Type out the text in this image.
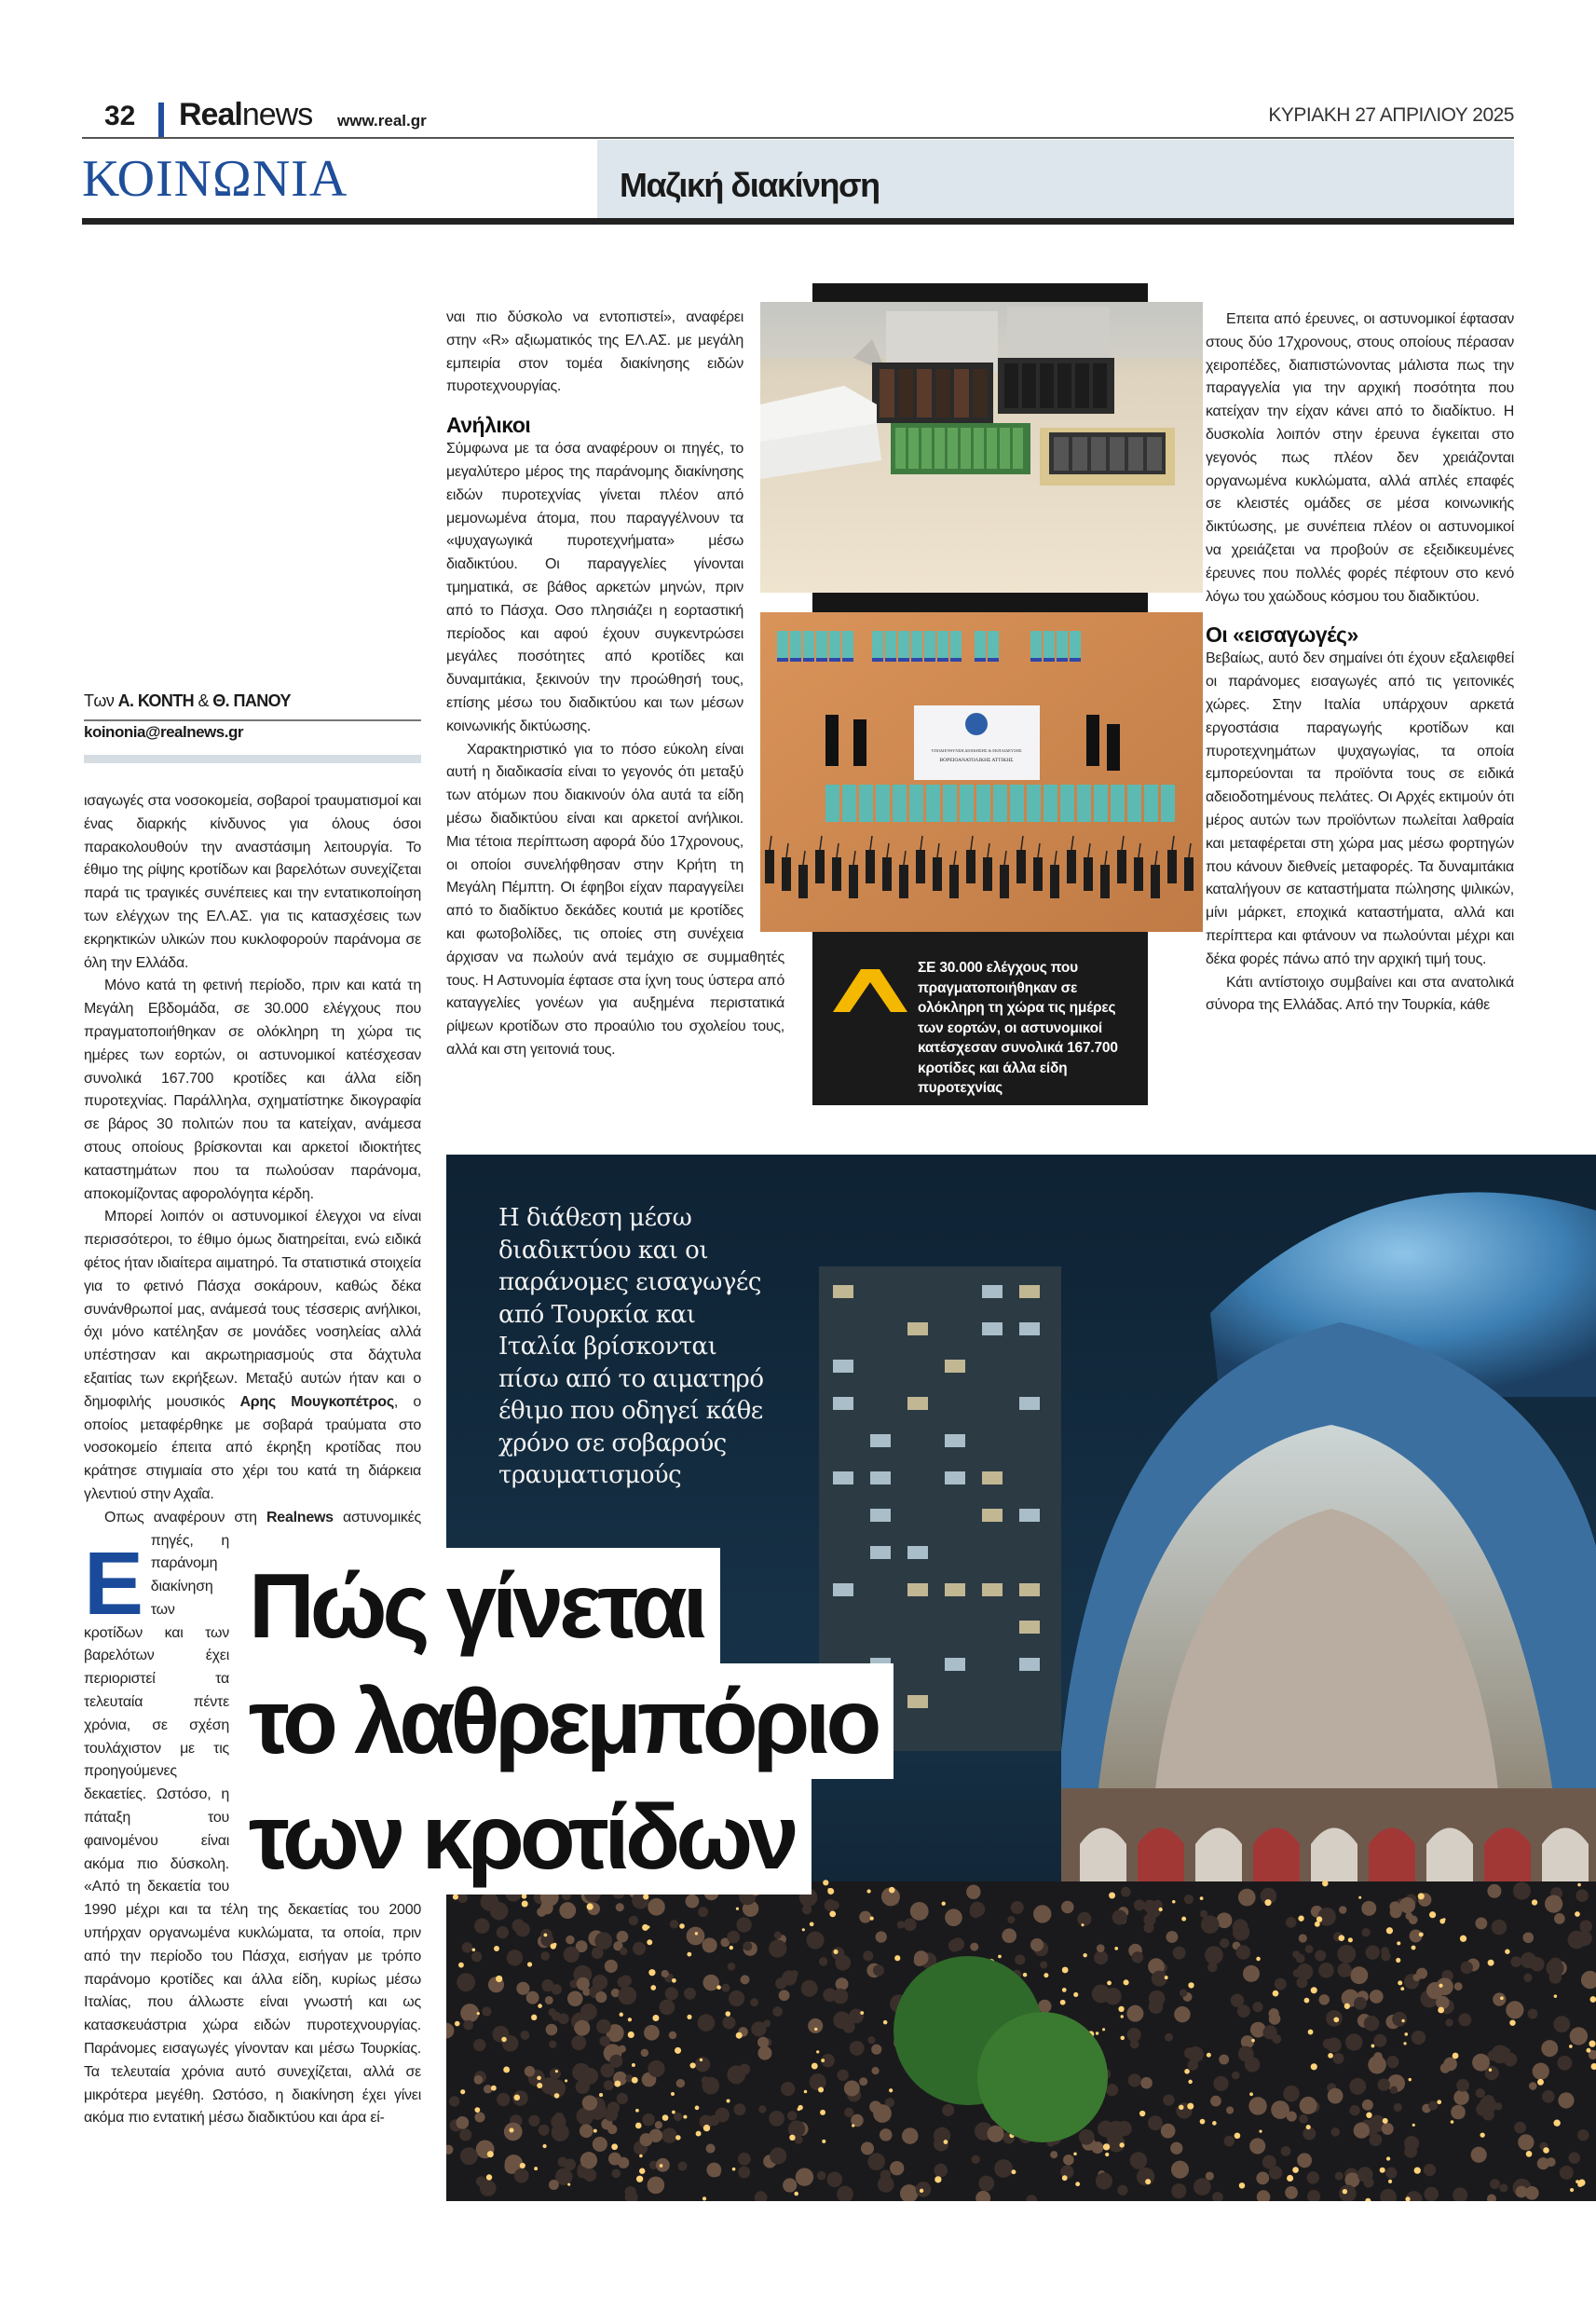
32 Realnews www.real.gr	ΚΥΡΙΑΚΗ 27 ΑΠΡΙΛΙΟΥ 2025
ΚΟΙΝΩΝΙΑ	Μαζική διακίνηση
Των Α. ΚΟΝΤΗ & Θ. ΠΑΝΟΥ
koinonia@realnews.gr

Ε
ισαγωγές στα νοσοκομεία, σοβαροί τραυματισμοί και ένας διαρκής κίνδυνος για όλους όσοι παρακολουθούν την αναστάσιμη λειτουργία. Το έθιμο της ρίψης κροτίδων και βαρελότων συνεχίζεται παρά τις τραγικές συνέπειες και την εντατικοποίηση των ελέγχων της ΕΛ.ΑΣ. για τις κατασχέσεις των εκρηκτικών υλικών που κυκλοφορούν παράνομα σε όλη την Ελλάδα.

Μόνο κατά τη φετινή περίοδο, πριν και κατά τη Μεγάλη Εβδομάδα, σε 30.000 ελέγχους που πραγματοποιήθηκαν σε ολόκληρη τη χώρα τις ημέρες των εορτών, οι αστυνομικοί κατέσχεσαν συνολικά 167.700 κροτίδες και άλλα είδη πυροτεχνίας. Παράλληλα, σχηματίστηκε δικογραφία σε βάρος 30 πολιτών που τα κατείχαν, ανάμεσα στους οποίους βρίσκονται και αρκετοί ιδιοκτήτες καταστημάτων που τα πωλούσαν παράνομα, αποκομίζοντας αφορολόγητα κέρδη.

Μπορεί λοιπόν οι αστυνομικοί έλεγχοι να είναι περισσότεροι, το έθιμο όμως διατηρείται, ενώ ειδικά φέτος ήταν ιδιαίτερα αιματηρό. Τα στατιστικά στοιχεία για το φετινό Πάσχα σοκάρουν, καθώς δέκα συνάνθρωποί μας, ανάμεσά τους τέσσερις ανήλικοι, όχι μόνο κατέληξαν σε μονάδες νοσηλείας αλλά υπέστησαν και ακρωτηριασμούς στα δάχτυλα εξαιτίας των εκρήξεων. Μεταξύ αυτών ήταν και ο δημοφιλής μουσικός Αρης Μουγκοπέτρος, ο οποίος μεταφέρθηκε με σοβαρά τραύματα στο νοσοκομείο έπειτα από έκρηξη κροτίδας που κράτησε στιγμιαία στο χέρι του κατά τη διάρκεια γλεντιού στην Αχαΐα.

Οπως αναφέρουν στη Realnews αστυνομικές πηγές, η παράνομη διακίνηση των κροτίδων και των βαρελότων έχει περιοριστεί τα τελευταία πέντε χρόνια, σε σχέση τουλάχιστον με τις προηγούμενες δεκαετίες. Ωστόσο, η πάταξη του φαινομένου είναι ακόμα πιο δύσκολη. «Από τη δεκαετία του 1990 μέχρι και τα τέλη της δεκαετίας του 2000 υπήρχαν οργανωμένα κυκλώματα, τα οποία, πριν από την περίοδο του Πάσχα, εισήγαν με τρόπο παράνομο κροτίδες και άλλα είδη, κυρίως μέσω Ιταλίας, που άλλωστε είναι γνωστή και ως κατασκευάστρια χώρα ειδών πυροτεχνουργίας. Παράνομες εισαγωγές γίνονταν και μέσω Τουρκίας. Τα τελευταία χρόνια αυτό συνεχίζεται, αλλά σε μικρότερα μεγέθη. Ωστόσο, η διακίνηση έχει γίνει ακόμα πιο εντατική μέσω διαδικτύου και άρα εί-

ναι πιο δύσκολο να εντοπιστεί», αναφέρει στην «R» αξιωματικός της ΕΛ.ΑΣ. με μεγάλη εμπειρία στον τομέα διακίνησης ειδών πυροτεχνουργίας.

Ανήλικοι

Σύμφωνα με τα όσα αναφέρουν οι πηγές, το μεγαλύτερο μέρος της παράνομης διακίνησης ειδών πυροτεχνίας γίνεται πλέον από μεμονωμένα άτομα, που παραγγέλνουν τα «ψυχαγωγικά πυροτεχνήματα» μέσω διαδικτύου. Οι παραγγελίες γίνονται τμηματικά, σε βάθος αρκετών μηνών, πριν από το Πάσχα. Οσο πλησιάζει η εορταστική περίοδος και αφού έχουν συγκεντρώσει μεγάλες ποσότητες από κροτίδες και δυναμιτάκια, ξεκινούν την προώθησή τους, επίσης μέσω του διαδικτύου και των μέσων κοινωνικής δικτύωσης.

Χαρακτηριστικό για το πόσο εύκολη είναι αυτή η διαδικασία είναι το γεγονός ότι μεταξύ των ατόμων που διακινούν όλα αυτά τα είδη μέσω διαδικτύου είναι και αρκετοί ανήλικοι. Μια τέτοια περίπτωση αφορά δύο 17χρονους, οι οποίοι συνελήφθησαν στην Κρήτη τη Μεγάλη Πέμπτη. Οι έφηβοι είχαν παραγγείλει από το διαδίκτυο δεκάδες κουτιά με κροτίδες και φωτοβολίδες, τις οποίες στη συνέχεια άρχισαν να πωλούν ανά τεμάχιο σε συμμαθητές τους. Η Αστυνομία έφτασε στα ίχνη τους ύστερα από καταγγελίες γονέων για αυξημένα περιστατικά ρίψεων κροτίδων στο προαύλιο του σχολείου τους, αλλά και στη γειτονιά τους.

Επειτα από έρευνες, οι αστυνομικοί έφτασαν στους δύο 17χρονους, στους οποίους πέρασαν χειροπέδες, διαπιστώνοντας μάλιστα πως την παραγγελία για την αρχική ποσότητα που κατείχαν την είχαν κάνει από το διαδίκτυο. Η δυσκολία λοιπόν στην έρευνα έγκειται στο γεγονός πως πλέον δεν χρειάζονται οργανωμένα κυκλώματα, αλλά απλές επαφές σε κλειστές ομάδες σε μέσα κοινωνικής δικτύωσης, με συνέπεια πλέον οι αστυνομικοί να χρειάζεται να προβούν σε εξειδικευμένες έρευνες που πολλές φορές πέφτουν στο κενό λόγω του χαώδους κόσμου του διαδικτύου.

Οι «εισαγωγές»

Βεβαίως, αυτό δεν σημαίνει ότι έχουν εξαλειφθεί οι παράνομες εισαγωγές από τις γειτονικές χώρες. Στην Ιταλία υπάρχουν αρκετά εργοστάσια παραγωγής κροτίδων και πυροτεχνημάτων ψυχαγωγίας, τα οποία εμπορεύονται τα προϊόντα τους σε ειδικά αδειοδοτημένους πελάτες. Οι Αρχές εκτιμούν ότι μέρος αυτών των προϊόντων πωλείται λαθραία και μεταφέρεται στη χώρα μας μέσω φορτηγών που κάνουν διεθνείς μεταφορές. Τα δυναμιτάκια καταλήγουν σε καταστήματα πώλησης ψιλικών, μίνι μάρκετ, εποχικά καταστήματα, αλλά και περίπτερα και φτάνουν να πωλούνται μέχρι και δέκα φορές πάνω από την αρχική τιμή τους.

Κάτι αντίστοιχο συμβαίνει και στα ανατολικά σύνορα της Ελλάδας. Από την Τουρκία, κάθε

ΥΠΟΔΙΕΥΘΥΝΣΗ ΔΙΟΙΚΗΣΗΣ & ΕΚΠΑΙΔΕΥΣΗΣ
ΒΟΡΕΙΟΑΝΑΤΟΛΙΚΗΣ ΑΤΤΙΚΗΣ
ΣΕ 30.000 ελέγχους που πραγματοποιήθηκαν σε ολόκληρη τη χώρα τις ημέρες των εορτών, οι αστυνομικοί κατέσχεσαν συνολικά 167.700 κροτίδες και άλλα είδη πυροτεχνίας
Η διάθεση μέσω
διαδικτύου και οι
παράνομες εισαγωγές
από Τουρκία και
Ιταλία βρίσκονται
πίσω από το αιματηρό
έθιμο που οδηγεί κάθε
χρόνο σε σοβαρούς
τραυματισμούς
Πώς γίνεται
το λαθρεμπόριο
των κροτίδων
